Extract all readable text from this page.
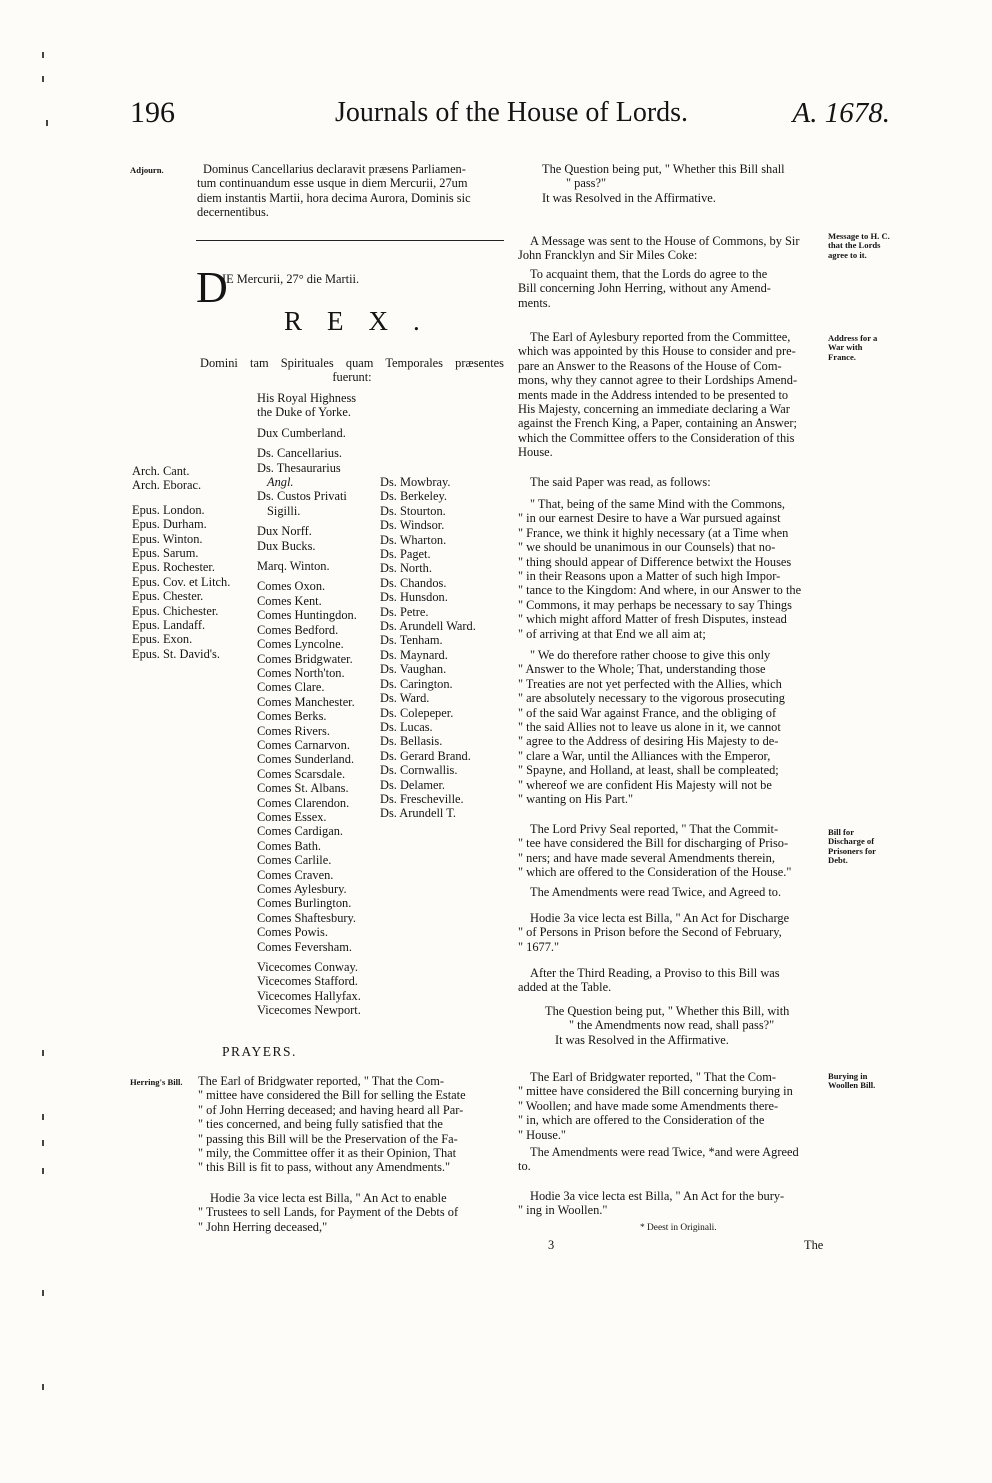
196	Journals of the House of Lords.	A. 1678.
Adjourn.	Dominus Cancellarius declaravit præsens Parliamen-
tum continuandum esse usque in diem Mercurii, 27um
diem instantis Martii, hora decima Aurora, Dominis sic
decernentibus.
D
IE Mercurii, 27° die Martii.
REX.
Domini tam Spirituales quam Temporales præsentes
fuerunt:
His Royal Highness
the Duke of Yorke.
Dux Cumberland.
Ds. Cancellarius.
Ds. Thesaurarius
Angl.
Ds. Custos Privati
Sigilli.
Dux Norff.
Dux Bucks.
Marq. Winton.
Comes Oxon.
Comes Kent.
Comes Huntingdon.
Comes Bedford.
Comes Lyncolne.
Comes Bridgwater.
Comes North'ton.
Comes Clare.
Comes Manchester.
Comes Berks.
Comes Rivers.
Comes Carnarvon.
Comes Sunderland.
Comes Scarsdale.
Comes St. Albans.
Comes Clarendon.
Comes Essex.
Comes Cardigan.
Comes Bath.
Comes Carlile.
Comes Craven.
Comes Aylesbury.
Comes Burlington.
Comes Shaftesbury.
Comes Powis.
Comes Feversham.
Vicecomes Conway.
Vicecomes Stafford.
Vicecomes Hallyfax.
Vicecomes Newport.
Arch. Cant.
Arch. Eborac.
Epus. London.
Epus. Durham.
Epus. Winton.
Epus. Sarum.
Epus. Rochester.
Epus. Cov. et Litch.
Epus. Chester.
Epus. Chichester.
Epus. Landaff.
Epus. Exon.
Epus. St. David's.
Ds. Mowbray.
Ds. Berkeley.
Ds. Stourton.
Ds. Windsor.
Ds. Wharton.
Ds. Paget.
Ds. North.
Ds. Chandos.
Ds. Hunsdon.
Ds. Petre.
Ds. Arundell Ward.
Ds. Tenham.
Ds. Maynard.
Ds. Vaughan.
Ds. Carington.
Ds. Ward.
Ds. Colepeper.
Ds. Lucas.
Ds. Bellasis.
Ds. Gerard Brand.
Ds. Cornwallis.
Ds. Delamer.
Ds. Frescheville.
Ds. Arundell T.
PRAYERS.
Herring's Bill. The Earl of Bridgwater reported, " That the Com-
" mittee have considered the Bill for selling the Estate
" of John Herring deceased; and having heard all Par-
" ties concerned, and being fully satisfied that the
" passing this Bill will be the Preservation of the Fa-
" mily, the Committee offer it as their Opinion, That
" this Bill is fit to pass, without any Amendments."
Hodie 3a vice lecta est Billa, " An Act to enable
" Trustees to sell Lands, for Payment of the Debts of
" John Herring deceased,"
The Question being put, " Whether this Bill shall
" pass?"
It was Resolved in the Affirmative.
Message to H. C. that the Lords agree to it.
A Message was sent to the House of Commons, by Sir
John Francklyn and Sir Miles Coke:
To acquaint them, that the Lords do agree to the
Bill concerning John Herring, without any Amend-
ments.
Address for a War with France.
The Earl of Aylesbury reported from the Committee,
which was appointed by this House to consider and pre-
pare an Answer to the Reasons of the House of Com-
mons, why they cannot agree to their Lordships Amend-
ments made in the Address intended to be presented to
His Majesty, concerning an immediate declaring a War
against the French King, a Paper, containing an Answer;
which the Committee offers to the Consideration of this
House.
The said Paper was read, as follows:
" That, being of the same Mind with the Commons,
" in our earnest Desire to have a War pursued against
" France, we think it highly necessary (at a Time when
" we should be unanimous in our Counsels) that no-
" thing should appear of Difference betwixt the Houses
" in their Reasons upon a Matter of such high Impor-
" tance to the Kingdom: And where, in our Answer to the
" Commons, it may perhaps be necessary to say Things
" which might afford Matter of fresh Disputes, instead
" of arriving at that End we all aim at;
" We do therefore rather choose to give this only
" Answer to the Whole; That, understanding those
" Treaties are not yet perfected with the Allies, which
" are absolutely necessary to the vigorous prosecuting
" of the said War against France, and the obliging of
" the said Allies not to leave us alone in it, we cannot
" agree to the Address of desiring His Majesty to de-
" clare a War, until the Alliances with the Emperor,
" Spayne, and Holland, at least, shall be compleated;
" whereof we are confident His Majesty will not be
" wanting on His Part."
Bill for Discharge of Prisoners for Debt.
The Lord Privy Seal reported, " That the Commit-
" tee have considered the Bill for discharging of Priso-
" ners; and have made several Amendments therein,
" which are offered to the Consideration of the House."
The Amendments were read Twice, and Agreed to.
Hodie 3a vice lecta est Billa, " An Act for Discharge
" of Persons in Prison before the Second of February,
" 1677."
After the Third Reading, a Proviso to this Bill was
added at the Table.
The Question being put, " Whether this Bill, with
" the Amendments now read, shall pass?"
It was Resolved in the Affirmative.
Burying in Woollen Bill.
The Earl of Bridgwater reported, " That the Com-
" mittee have considered the Bill concerning burying in
" Woollen; and have made some Amendments there-
" in, which are offered to the Consideration of the
" House."
The Amendments were read Twice, *and were Agreed
to.
Hodie 3a vice lecta est Billa, " An Act for the bury-
" ing in Woollen."
* Deest in Originali.
3	The
